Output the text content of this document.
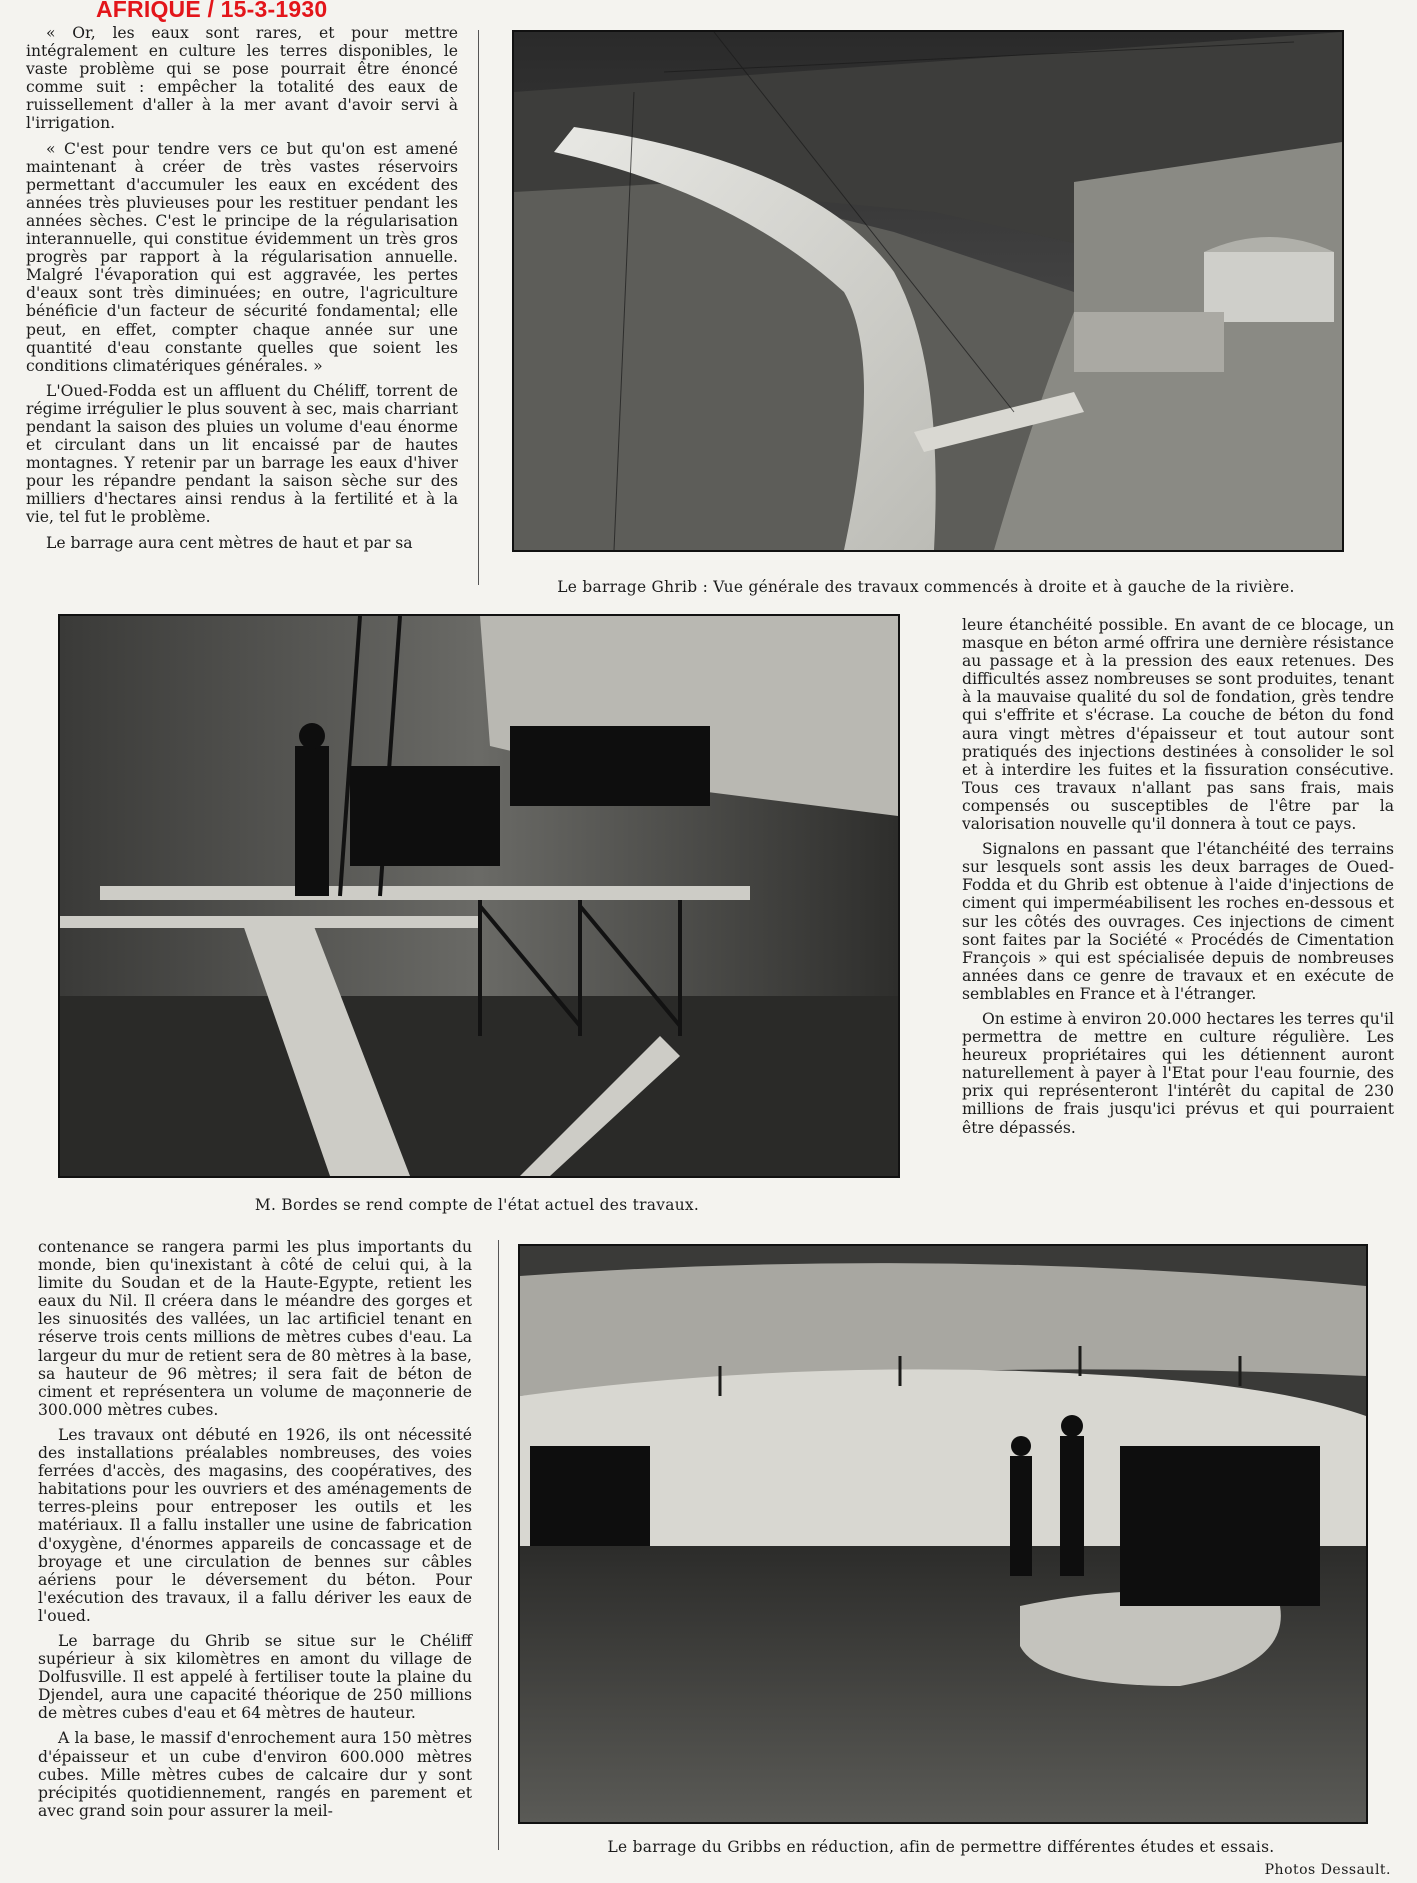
AFRIQUE / 15-3-1930

« Or, les eaux sont rares, et pour mettre intégralement en culture les terres disponibles, le vaste problème qui se pose pourrait être énoncé comme suit : empêcher la totalité des eaux de ruissellement d'aller à la mer avant d'avoir servi à l'irrigation.

« C'est pour tendre vers ce but qu'on est amené maintenant à créer de très vastes réservoirs permettant d'accumuler les eaux en excédent des années très pluvieuses pour les restituer pendant les années sèches. C'est le principe de la régularisation interannuelle, qui constitue évidemment un très gros progrès par rapport à la régularisation annuelle. Malgré l'évaporation qui est aggravée, les pertes d'eaux sont très diminuées; en outre, l'agriculture bénéficie d'un facteur de sécurité fondamental; elle peut, en effet, compter chaque année sur une quantité d'eau constante quelles que soient les conditions climatériques générales. »

L'Oued-Fodda est un affluent du Chéliff, torrent de régime irrégulier le plus souvent à sec, mais charriant pendant la saison des pluies un volume d'eau énorme et circulant dans un lit encaissé par de hautes montagnes. Y retenir par un barrage les eaux d'hiver pour les répandre pendant la saison sèche sur des milliers d'hectares ainsi rendus à la fertilité et à la vie, tel fut le problème.

Le barrage aura cent mètres de haut et par sa

Le barrage Ghrib : Vue générale des travaux commencés à droite et à gauche de la rivière.
M. Bordes se rend compte de l'état actuel des travaux.

leure étanchéité possible. En avant de ce blocage, un masque en béton armé offrira une dernière résistance au passage et à la pression des eaux retenues. Des difficultés assez nombreuses se sont produites, tenant à la mauvaise qualité du sol de fondation, grès tendre qui s'effrite et s'écrase. La couche de béton du fond aura vingt mètres d'épaisseur et tout autour sont pratiqués des injections destinées à consolider le sol et à interdire les fuites et la fissuration consécutive. Tous ces travaux n'allant pas sans frais, mais compensés ou susceptibles de l'être par la valorisation nouvelle qu'il donnera à tout ce pays.

Signalons en passant que l'étanchéité des terrains sur lesquels sont assis les deux barrages de Oued-Fodda et du Ghrib est obtenue à l'aide d'injections de ciment qui imperméabilisent les roches en-dessous et sur les côtés des ouvrages. Ces injections de ciment sont faites par la Société « Procédés de Cimentation François » qui est spécialisée depuis de nombreuses années dans ce genre de travaux et en exécute de semblables en France et à l'étranger.

On estime à environ 20.000 hectares les terres qu'il permettra de mettre en culture régulière. Les heureux propriétaires qui les détiennent auront naturellement à payer à l'Etat pour l'eau fournie, des prix qui représenteront l'intérêt du capital de 230 millions de frais jusqu'ici prévus et qui pourraient être dépassés.

contenance se rangera parmi les plus importants du monde, bien qu'inexistant à côté de celui qui, à la limite du Soudan et de la Haute-Egypte, retient les eaux du Nil. Il créera dans le méandre des gorges et les sinuosités des vallées, un lac artificiel tenant en réserve trois cents millions de mètres cubes d'eau. La largeur du mur de retient sera de 80 mètres à la base, sa hauteur de 96 mètres; il sera fait de béton de ciment et représentera un volume de maçonnerie de 300.000 mètres cubes.

Les travaux ont débuté en 1926, ils ont nécessité des installations préalables nombreuses, des voies ferrées d'accès, des magasins, des coopératives, des habitations pour les ouvriers et des aménagements de terres-pleins pour entreposer les outils et les matériaux. Il a fallu installer une usine de fabrication d'oxygène, d'énormes appareils de concassage et de broyage et une circulation de bennes sur câbles aériens pour le déversement du béton. Pour l'exécution des travaux, il a fallu dériver les eaux de l'oued.

Le barrage du Ghrib se situe sur le Chéliff supérieur à six kilomètres en amont du village de Dolfusville. Il est appelé à fertiliser toute la plaine du Djendel, aura une capacité théorique de 250 millions de mètres cubes d'eau et 64 mètres de hauteur.

A la base, le massif d'enrochement aura 150 mètres d'épaisseur et un cube d'environ 600.000 mètres cubes. Mille mètres cubes de calcaire dur y sont précipités quotidiennement, rangés en parement et avec grand soin pour assurer la meil-

Le barrage du Gribbs en réduction, afin de permettre différentes études et essais.
Photos Dessault.
